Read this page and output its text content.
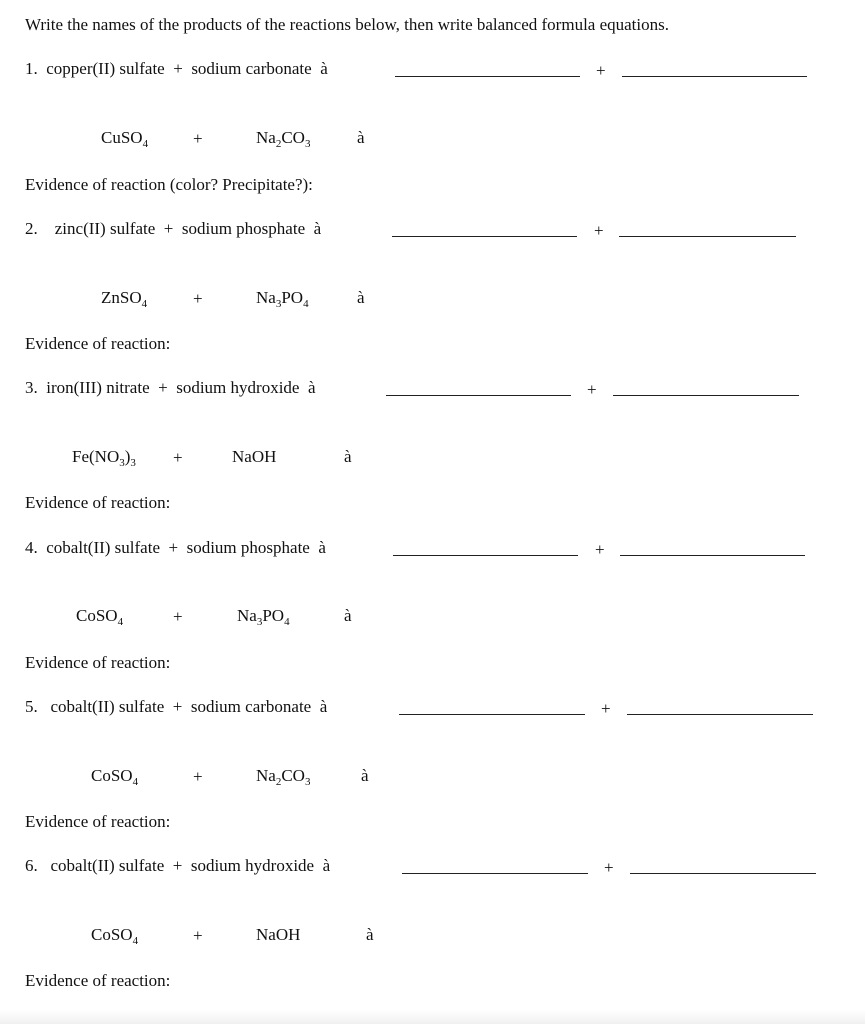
Write the names of the products of the reactions below, then write balanced formula equations.
1. copper(II) sulfate + sodium carbonate à	+
CuSO$_4$	+	$Na_2CO_3$	à
Evidence of reaction (color? Precipitate?):
2. zinc(II) sulfate + sodium phosphate à	+
ZnSO$_4$	+	$Na_3PO_4$	à
Evidence of reaction:
3. iron(III) nitrate + sodium hydroxide à	+
$Fe(NO_3)_3$ +	NaOH	à
Evidence of reaction:
4. cobalt(II) sulfate + sodium phosphate à	+
CoSO$_4$	+	$Na_3PO_4$	à
Evidence of reaction:
5. cobalt(II) sulfate + sodium carbonate à	+
CoSO$_4$	+	$Na_2CO_3$	à
Evidence of reaction:
6. cobalt(II) sulfate + sodium hydroxide à	+
CoSO$_4$	+	NaOH	à
Evidence of reaction:
